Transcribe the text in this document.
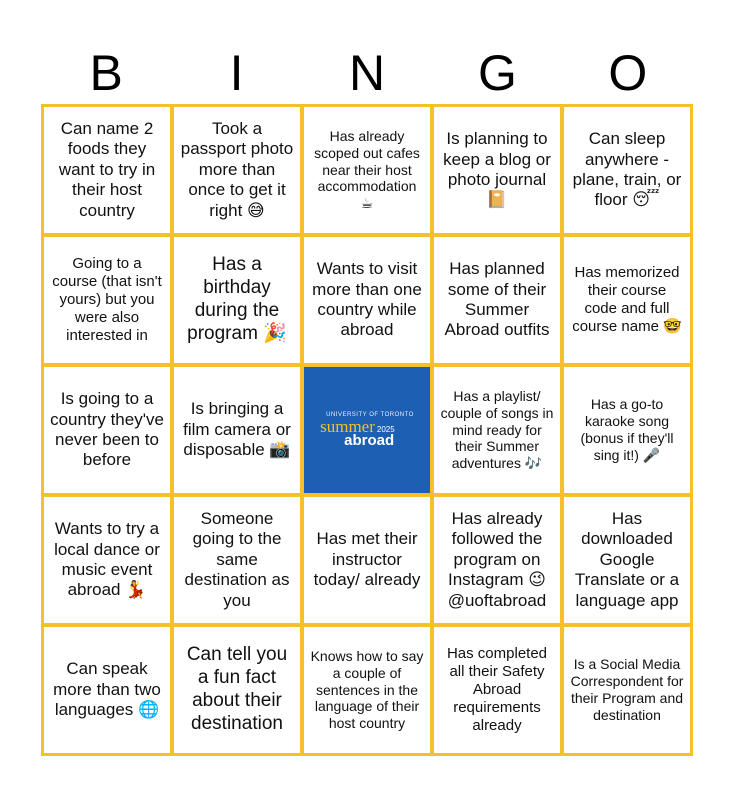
B	I	N	G	O
Can name 2 foods they want to try in their host country
Took a passport photo more than once to get it right 😅
Has already scoped out cafes near their host accommodation ☕
Is planning to keep a blog or photo journal 📔
Can sleep anywhere - plane, train, or floor 😴
Going to a course (that isn't yours) but you were also interested in
Has a birthday during the program 🎉
Wants to visit more than one country while abroad
Has planned some of their Summer Abroad outfits
Has memorized their course code and full course name 🤓
Is going to a country they've never been to before
Is bringing a film camera or disposable 📸
UNIVERSITY OF TORONTO
summer 2025
abroad
Has a playlist/ couple of songs in mind ready for their Summer adventures 🎶
Has a go-to karaoke song (bonus if they'll sing it!) 🎤
Wants to try a local dance or music event abroad 💃
Someone going to the same destination as you
Has met their instructor today/ already
Has already followed the program on Instagram 😉 @uoftabroad
Has downloaded Google Translate or a language app
Can speak more than two languages 🌐
Can tell you a fun fact about their destination
Knows how to say a couple of sentences in the language of their host country
Has completed all their Safety Abroad requirements already
Is a Social Media Correspondent for their Program and destination
